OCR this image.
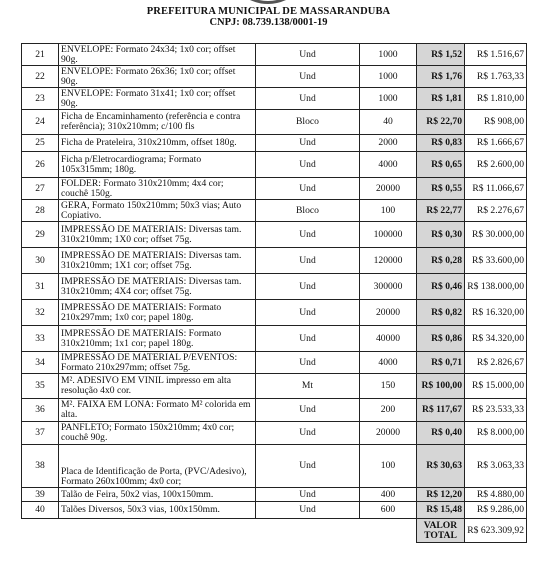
PREFEITURA MUNICIPAL DE MASSARANDUBA
CNPJ: 08.739.138/0001-19
21	ENVELOPE: Formato 24x34; 1x0 cor; offset 90g.	Und	1000	R$ 1,52	R$ 1.516,67
22	ENVELOPE: Formato 26x36; 1x0 cor; offset 90g.	Und	1000	R$ 1,76	R$ 1.763,33
23	ENVELOPE: Formato 31x41; 1x0 cor; offset 90g.	Und	1000	R$ 1,81	R$ 1.810,00
24	Ficha de Encaminhamento (referência e contra referência); 310x210mm; c/100 fls	Bloco	40	R$ 22,70	R$ 908,00
25	Ficha de Prateleira, 310x210mm, offset 180g.	Und	2000	R$ 0,83	R$ 1.666,67
26	Ficha p/Eletrocardiograma; Formato 105x315mm; 180g.	Und	4000	R$ 0,65	R$ 2.600,00
27	FOLDER: Formato 310x210mm; 4x4 cor; couchê 150g.	Und	20000	R$ 0,55	R$ 11.066,67
28	GERA, Formato 150x210mm; 50x3 vias; Auto Copiativo.	Bloco	100	R$ 22,77	R$ 2.276,67
29	IMPRESSÃO DE MATERIAIS: Diversas tam. 310x210mm; 1X0 cor; offset 75g.	Und	100000	R$ 0,30	R$ 30.000,00
30	IMPRESSÃO DE MATERIAIS: Diversas tam. 310x210mm; 1X1 cor; offset 75g.	Und	120000	R$ 0,28	R$ 33.600,00
31	IMPRESSÃO DE MATERIAIS: Diversas tam. 310x210mm; 4X4 cor; offset 75g.	Und	300000	R$ 0,46	R$ 138.000,00
32	IMPRESSÃO DE MATERIAIS: Formato 210x297mm; 1x0 cor; papel 180g.	Und	20000	R$ 0,82	R$ 16.320,00
33	IMPRESSÃO DE MATERIAIS: Formato 310x210mm; 1x1 cor; papel 180g.	Und	40000	R$ 0,86	R$ 34.320,00
34	IMPRESSÃO DE MATERIAL P/EVENTOS: Formato 210x297mm; offset 75g.	Und	4000	R$ 0,71	R$ 2.826,67
35	M². ADESIVO EM VINIL impresso em alta resolução 4x0 cor.	Mt	150	R$ 100,00	R$ 15.000,00
36	M². FAIXA EM LONA: Formato M² colorida em alta.	Und	200	R$ 117,67	R$ 23.533,33
37	PANFLETO; Formato 150x210mm; 4x0 cor; couchê 90g.	Und	20000	R$ 0,40	R$ 8.000,00
38	Placa de Identificação de Porta, (PVC/Adesivo), Formato 260x100mm; 4x0 cor;	Und	100	R$ 30,63	R$ 3.063,33
39	Talão de Feira, 50x2 vias, 100x150mm.	Und	400	R$ 12,20	R$ 4.880,00
40	Talões Diversos, 50x3 vias, 100x150mm.	Und	600	R$ 15,48	R$ 9.286,00
				VALOR TOTAL	R$ 623.309,92
